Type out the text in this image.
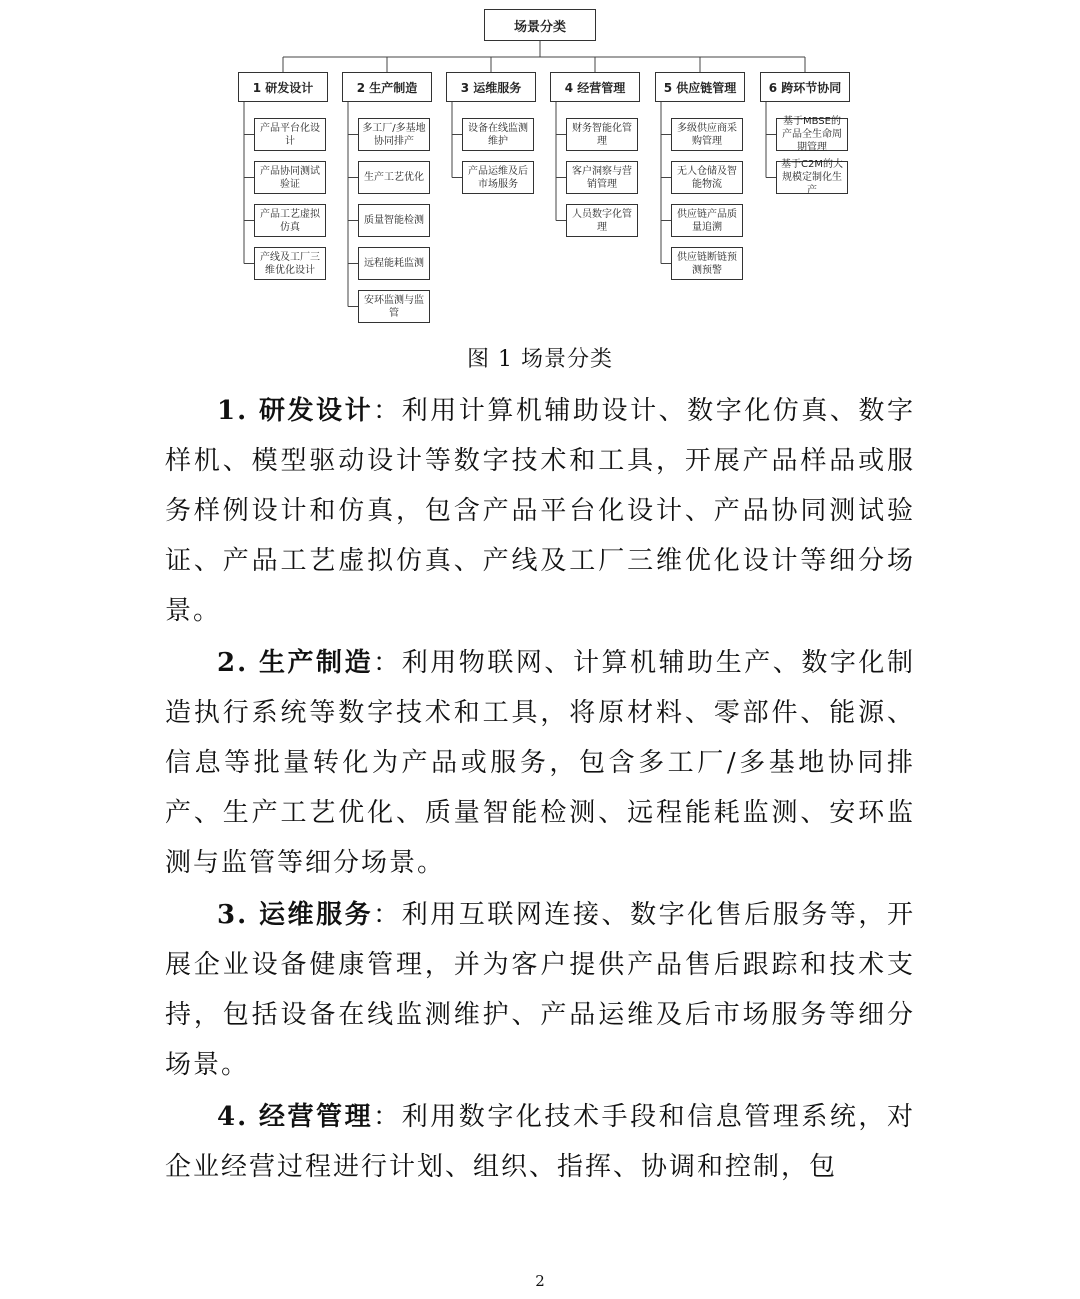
场景分类
1 研发设计
产品平台化设计
产品协同测试验证
产品工艺虚拟仿真
产线及工厂三维优化设计
2 生产制造
多工厂/多基地协同排产
生产工艺优化
质量智能检测
远程能耗监测
安环监测与监管
3 运维服务
设备在线监测维护
产品运维及后市场服务
4 经营管理
财务智能化管理
客户洞察与营销管理
人员数字化管理
5 供应链管理
多级供应商采购管理
无人仓储及智能物流
供应链产品质量追溯
供应链断链预测预警
6 跨环节协同
基于MBSE的产品全生命周期管理
基于C2M的大规模定制化生产
图 1 场景分类

1. 研发设计：利用计算机辅助设计、数字化仿真、数字样机、模型驱动设计等数字技术和工具，开展产品样品或服务样例设计和仿真，包含产品平台化设计、产品协同测试验证、产品工艺虚拟仿真、产线及工厂三维优化设计等细分场景。

2. 生产制造：利用物联网、计算机辅助生产、数字化制造执行系统等数字技术和工具，将原材料、零部件、能源、信息等批量转化为产品或服务，包含多工厂/多基地协同排产、生产工艺优化、质量智能检测、远程能耗监测、安环监测与监管等细分场景。

3. 运维服务：利用互联网连接、数字化售后服务等，开展企业设备健康管理，并为客户提供产品售后跟踪和技术支持，包括设备在线监测维护、产品运维及后市场服务等细分场景。

4. 经营管理：利用数字化技术手段和信息管理系统，对企业经营过程进行计划、组织、指挥、协调和控制，包

2
